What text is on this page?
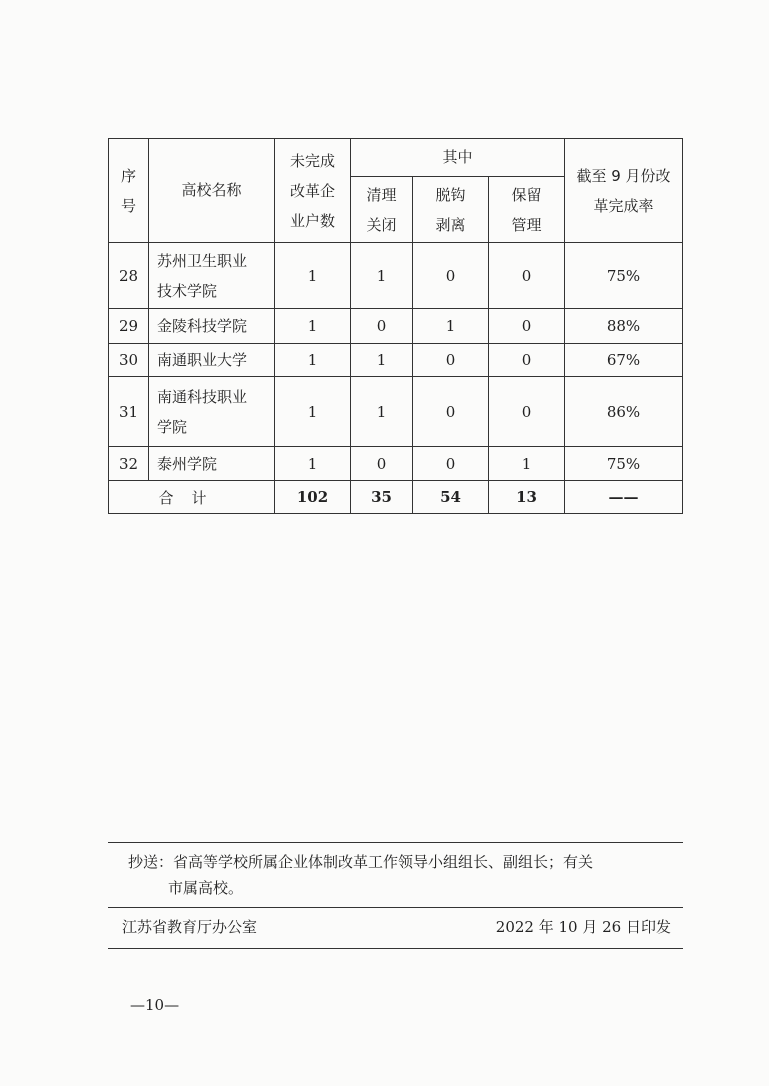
序号	高校名称	未完成改革企业户数	其中			截至 9 月份改革完成率
			清理关闭	脱钩剥离	保留管理	
28	苏州卫生职业技术学院	1	1	0	0	75%
29	金陵科技学院	1	0	1	0	88%
30	南通职业大学	1	1	0	0	67%
31	南通科技职业学院	1	1	0	0	86%
32	泰州学院	1	0	0	1	75%
合计		102	35	54	13	——
抄送：省高等学校所属企业体制改革工作领导小组组长、副组长；有关
市属高校。
江苏省教育厅办公室	2022 年 10 月 26 日印发
—10—
